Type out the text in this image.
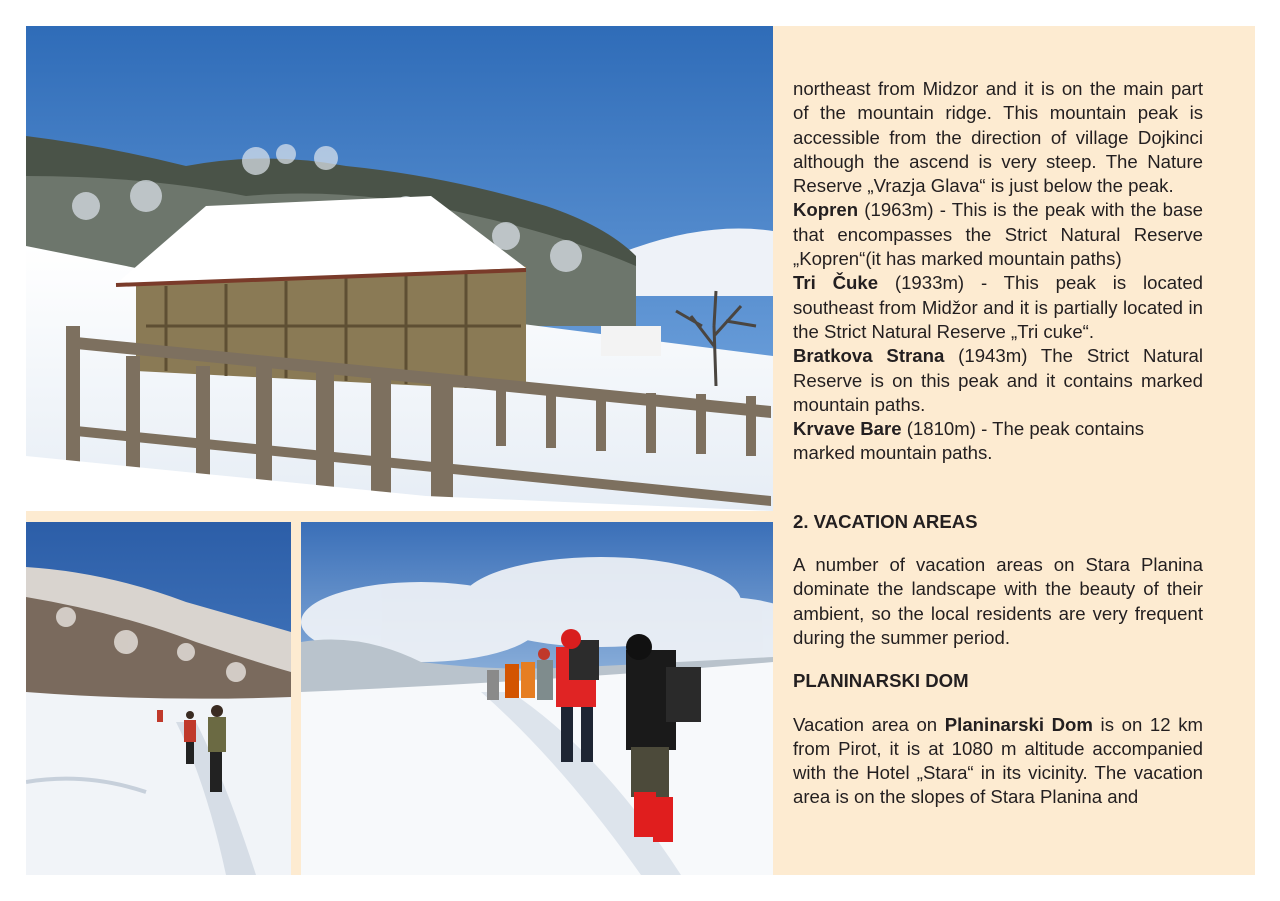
northeast from Midzor and it is on the main part of the mountain ridge. This mountain peak is accessible from the direction of village Dojkinci although the ascend is very steep. The Nature Reserve „Vrazja Glava“ is just below the peak.

Kopren (1963m) - This is the peak with the base that encompasses the Strict Natural Reserve „Kopren“(it has marked mountain paths)

Tri Čuke (1933m) - This peak is located southeast from Midžor and it is partially located in the Strict Natural Reserve „Tri cuke“.

Bratkova Strana (1943m) The Strict Natural Reserve is on this peak and it contains marked mountain paths.

Krvave Bare (1810m) - The peak contains marked mountain paths.

2. VACATION AREAS

A number of vacation areas on Stara Planina dominate the landscape with the beauty of their ambient, so the local residents are very frequent during the summer period.

PLANINARSKI DOM

Vacation area on Planinarski Dom is on 12 km from Pirot, it is at 1080 m altitude accompanied with the Hotel „Stara“ in its vicinity. The vacation area is on the slopes of Stara Planina and
